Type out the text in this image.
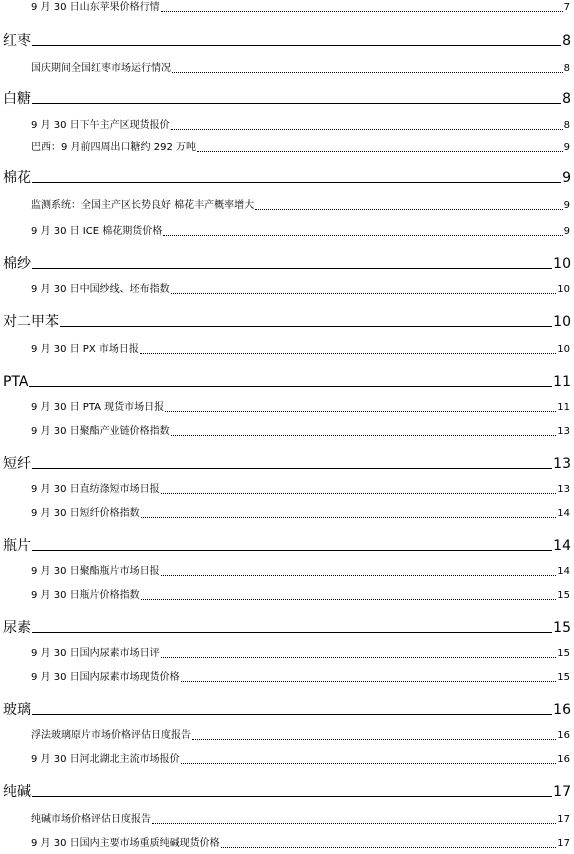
9 月 30 日山东苹果价格行情	7
红枣	8
国庆期间全国红枣市场运行情况	8
白糖	8
9 月 30 日下午主产区现货报价	8
巴西：9 月前四周出口糖约 292 万吨	9
棉花	9
监测系统：全国主产区长势良好 棉花丰产概率增大	9
9 月 30 日 ICE 棉花期货价格	9
棉纱	10
9 月 30 日中国纱线、坯布指数	10
对二甲苯	10
9 月 30 日 PX 市场日报	10
PTA	11
9 月 30 日 PTA 现货市场日报	11
9 月 30 日聚酯产业链价格指数	13
短纤	13
9 月 30 日直纺涤短市场日报	13
9 月 30 日短纤价格指数	14
瓶片	14
9 月 30 日聚酯瓶片市场日报	14
9 月 30 日瓶片价格指数	15
尿素	15
9 月 30 日国内尿素市场日评	15
9 月 30 日国内尿素市场现货价格	15
玻璃	16
浮法玻璃原片市场价格评估日度报告	16
9 月 30 日河北湖北主流市场报价	16
纯碱	17
纯碱市场价格评估日度报告	17
9 月 30 日国内主要市场重质纯碱现货价格	17
